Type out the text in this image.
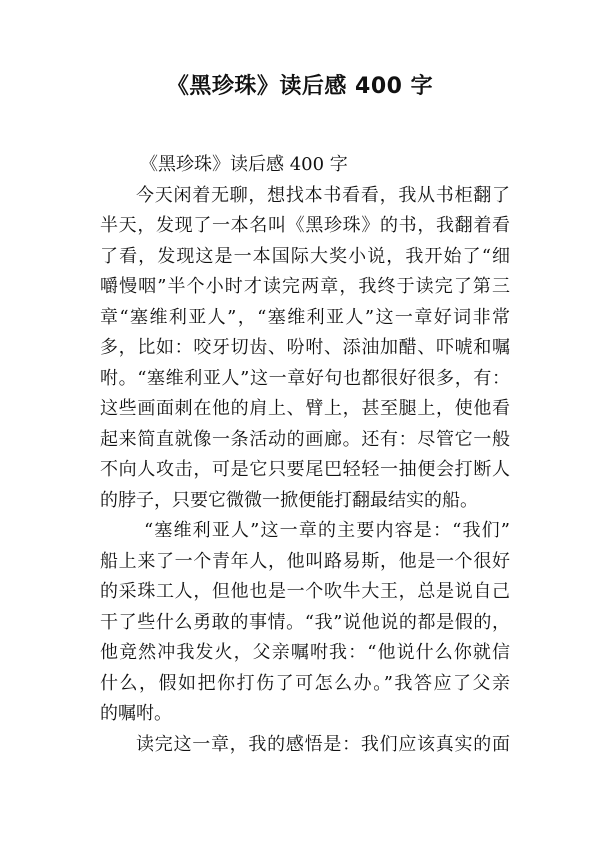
《黑珍珠》读后感 400 字
《黑珍珠》读后感 400 字
今天闲着无聊，想找本书看看，我从书柜翻了
半天，发现了一本名叫《黑珍珠》的书，我翻着看
了看，发现这是一本国际大奖小说，我开始了“细
嚼慢咽”半个小时才读完两章，我终于读完了第三
章“塞维利亚人”，“塞维利亚人”这一章好词非常
多，比如：咬牙切齿、吩咐、添油加醋、吓唬和嘱
咐。“塞维利亚人”这一章好句也都很好很多，有：
这些画面刺在他的肩上、臂上，甚至腿上，使他看
起来简直就像一条活动的画廊。还有：尽管它一般
不向人攻击，可是它只要尾巴轻轻一抽便会打断人
的脖子，只要它微微一掀便能打翻最结实的船。
“塞维利亚人”这一章的主要内容是：“我们”
船上来了一个青年人，他叫路易斯，他是一个很好
的采珠工人，但他也是一个吹牛大王，总是说自己
干了些什么勇敢的事情。“我”说他说的都是假的，
他竟然冲我发火，父亲嘱咐我：“他说什么你就信
什么，假如把你打伤了可怎么办。”我答应了父亲
的嘱咐。
读完这一章，我的感悟是：我们应该真实的面
